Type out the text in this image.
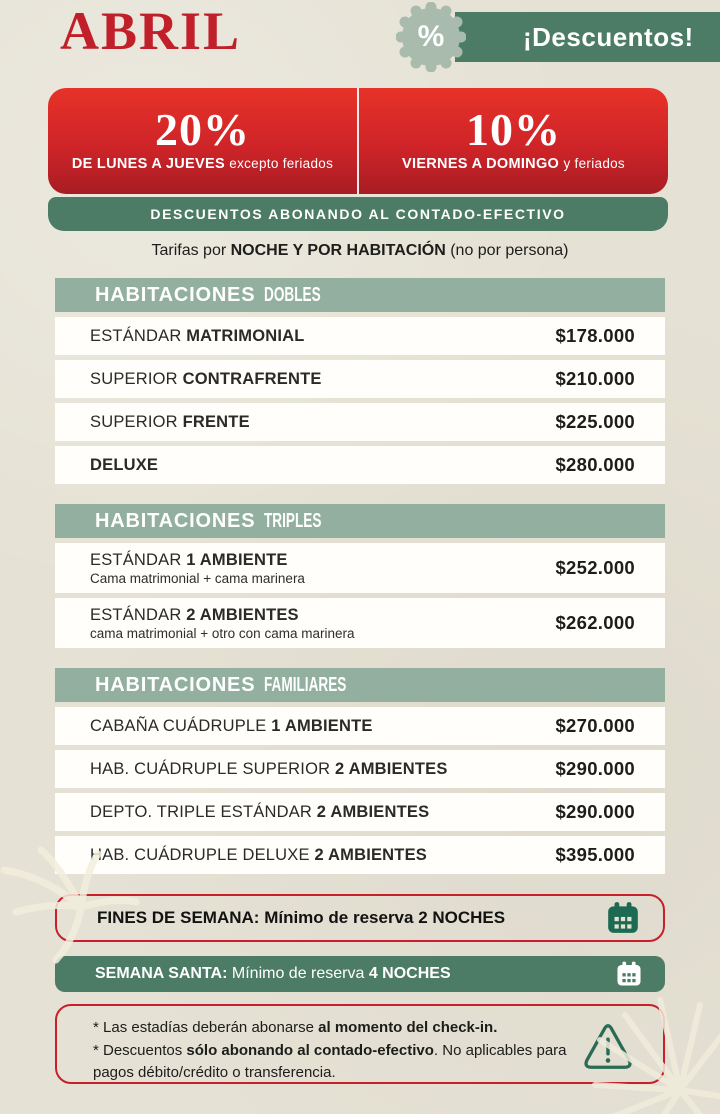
ABRIL	¡Descuentos!
%
20%
DE LUNES A JUEVES excepto feriados
10%
VIERNES A DOMINGO y feriados
DESCUENTOS ABONANDO AL CONTADO-EFECTIVO
Tarifas por NOCHE Y POR HABITACIÓN (no por persona)
HABITACIONES DOBLES
ESTÁNDAR MATRIMONIAL	$178.000
SUPERIOR CONTRAFRENTE	$210.000
SUPERIOR FRENTE	$225.000
DELUXE	$280.000
HABITACIONES TRIPLES
ESTÁNDAR 1 AMBIENTE
Cama matrimonial + cama marinera	$252.000
ESTÁNDAR 2 AMBIENTES
cama matrimonial + otro con cama marinera	$262.000
HABITACIONES FAMILIARES
CABAÑA CUÁDRUPLE 1 AMBIENTE	$270.000
HAB. CUÁDRUPLE SUPERIOR 2 AMBIENTES	$290.000
DEPTO. TRIPLE ESTÁNDAR 2 AMBIENTES	$290.000
HAB. CUÁDRUPLE DELUXE 2 AMBIENTES	$395.000
FINES DE SEMANA: Mínimo de reserva 2 NOCHES
SEMANA SANTA: Mínimo de reserva 4 NOCHES
* Las estadías deberán abonarse al momento del check-in.
* Descuentos sólo abonando al contado-efectivo. No aplicables para pagos débito/crédito o transferencia.
